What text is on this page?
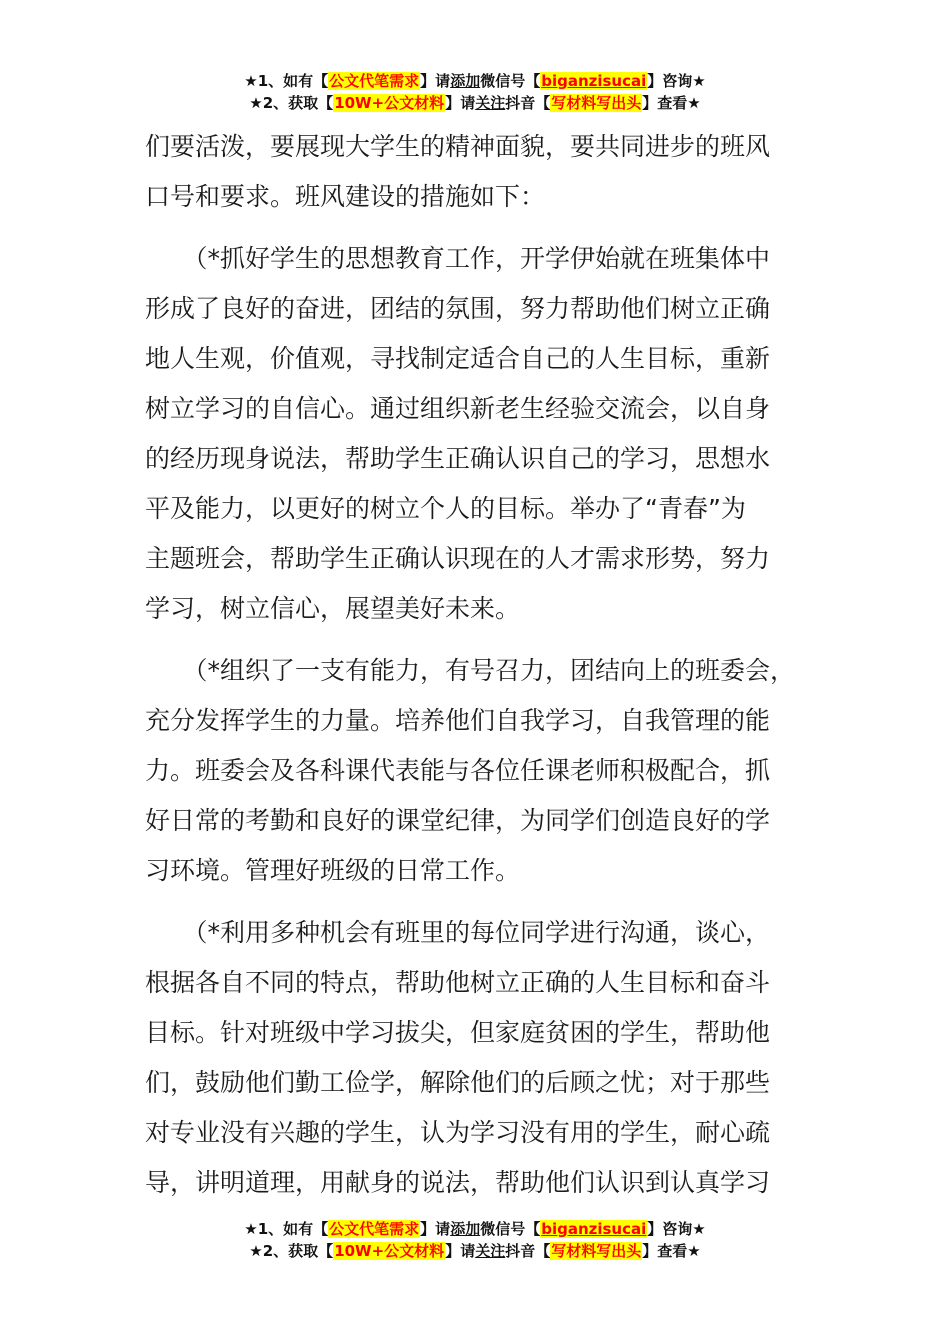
★1、如有【公文代笔需求】请添加微信号【biganzisucai】咨询★
★2、获取【10W+公文材料】请关注抖音【写材料写出头】查看★
们要活泼，要展现大学生的精神面貌，要共同进步的班风
口号和要求。班风建设的措施如下：
　　（*抓好学生的思想教育工作，开学伊始就在班集体中
形成了良好的奋进，团结的氛围，努力帮助他们树立正确
地人生观，价值观，寻找制定适合自己的人生目标，重新
树立学习的自信心。通过组织新老生经验交流会，以自身
的经历现身说法，帮助学生正确认识自己的学习，思想水
平及能力，以更好的树立个人的目标。举办了“青春”为
主题班会，帮助学生正确认识现在的人才需求形势，努力
学习，树立信心，展望美好未来。
　　（*组织了一支有能力，有号召力，团结向上的班委会，
充分发挥学生的力量。培养他们自我学习，自我管理的能
力。班委会及各科课代表能与各位任课老师积极配合，抓
好日常的考勤和良好的课堂纪律，为同学们创造良好的学
习环境。管理好班级的日常工作。
　　（*利用多种机会有班里的每位同学进行沟通，谈心，
根据各自不同的特点，帮助他树立正确的人生目标和奋斗
目标。针对班级中学习拔尖，但家庭贫困的学生，帮助他
们，鼓励他们勤工俭学，解除他们的后顾之忧；对于那些
对专业没有兴趣的学生，认为学习没有用的学生，耐心疏
导，讲明道理，用献身的说法，帮助他们认识到认真学习
★1、如有【公文代笔需求】请添加微信号【biganzisucai】咨询★
★2、获取【10W+公文材料】请关注抖音【写材料写出头】查看★
